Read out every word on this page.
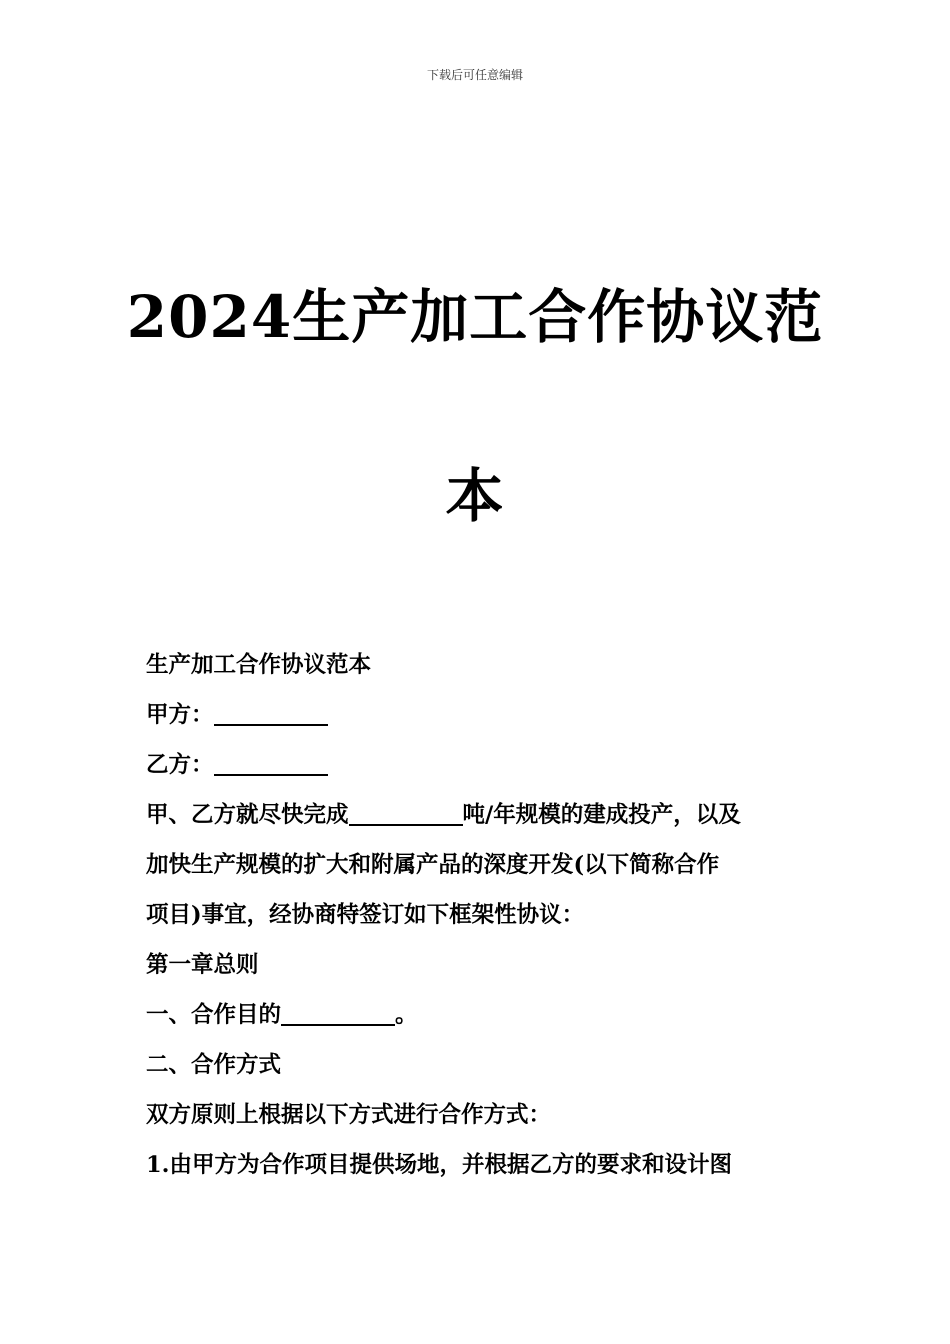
下载后可任意编辑
2024生产加工合作协议范
本
生产加工合作协议范本
甲方：
乙方：
甲、乙方就尽快完成	吨/年规模的建成投产，以及
加快生产规模的扩大和附属产品的深度开发(以下简称合作
项目)事宜，经协商特签订如下框架性协议：
第一章总则
一、合作目的	。
二、合作方式
双方原则上根据以下方式进行合作方式：
1.由甲方为合作项目提供场地，并根据乙方的要求和设计图
